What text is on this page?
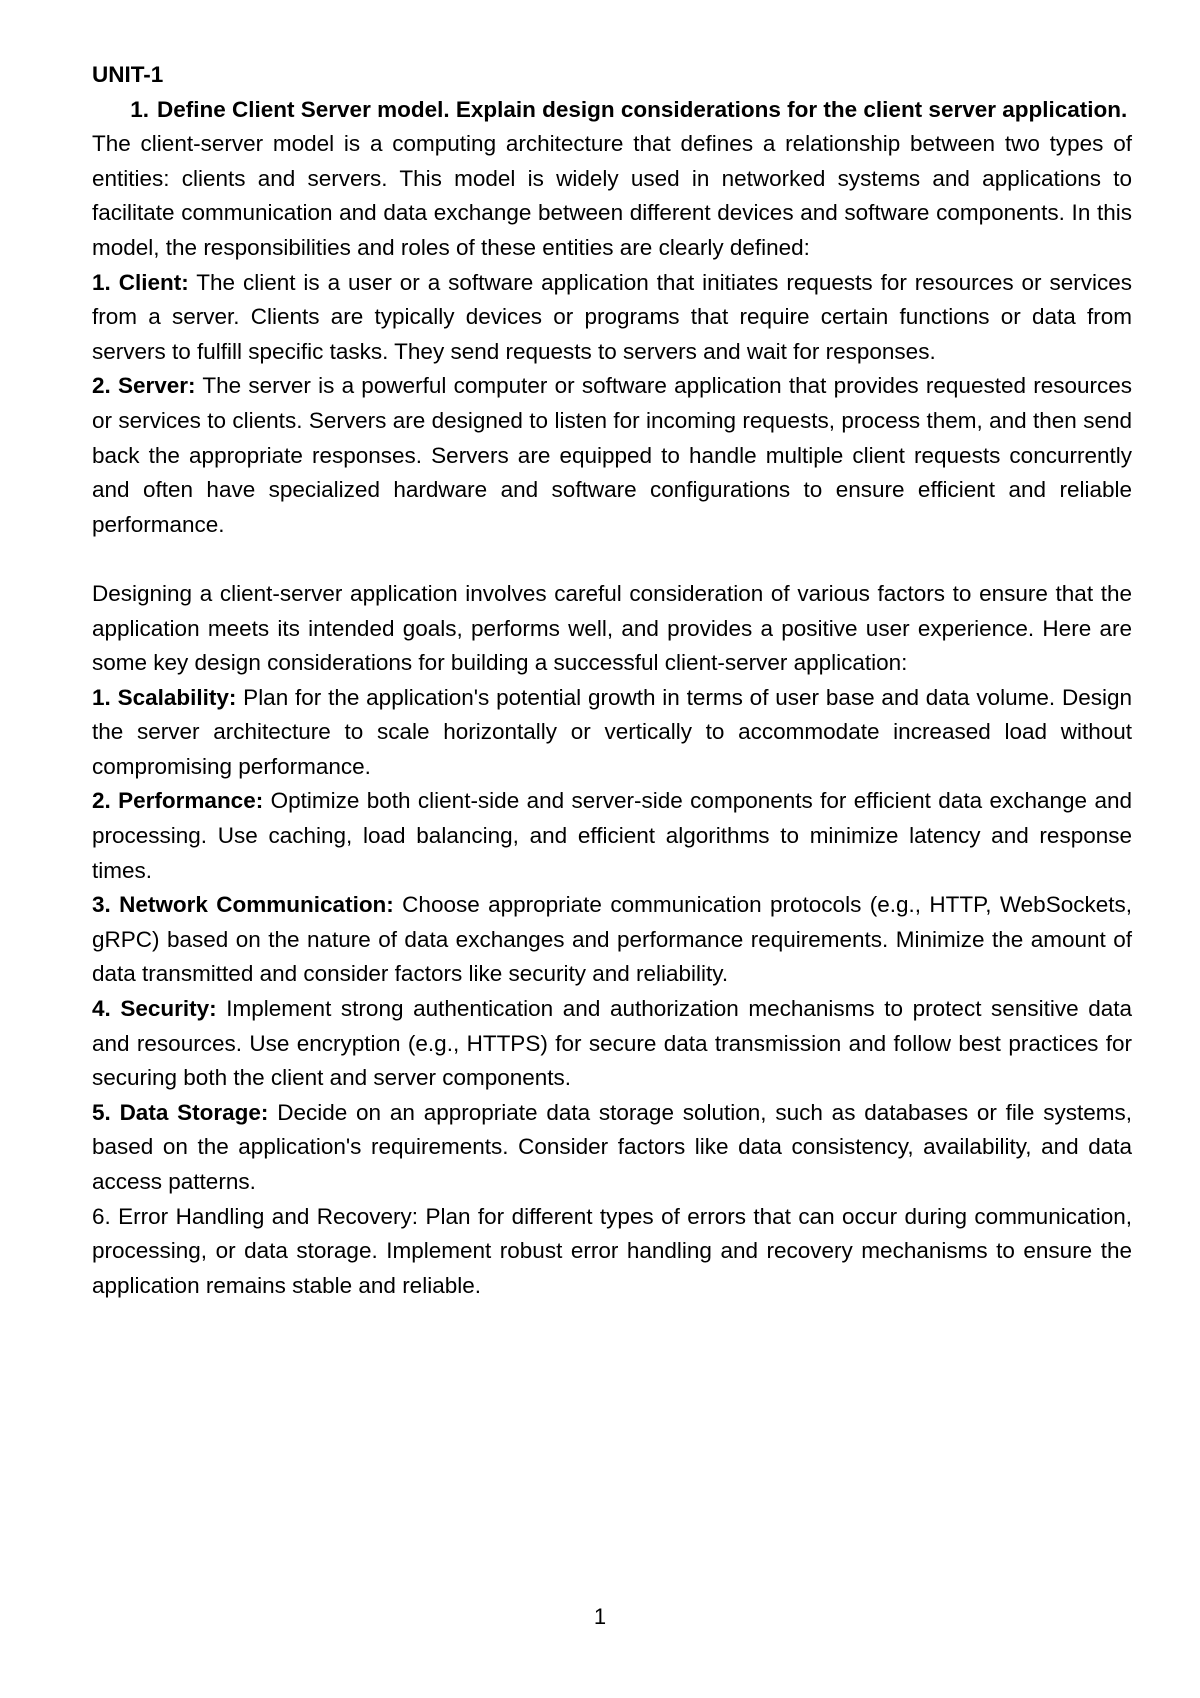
UNIT-1

1. Define Client Server model. Explain design considerations for the client server application.

The client-server model is a computing architecture that defines a relationship between two types of entities: clients and servers. This model is widely used in networked systems and applications to facilitate communication and data exchange between different devices and software components. In this model, the responsibilities and roles of these entities are clearly defined:

1. Client: The client is a user or a software application that initiates requests for resources or services from a server. Clients are typically devices or programs that require certain functions or data from servers to fulfill specific tasks. They send requests to servers and wait for responses.

2. Server: The server is a powerful computer or software application that provides requested resources or services to clients. Servers are designed to listen for incoming requests, process them, and then send back the appropriate responses. Servers are equipped to handle multiple client requests concurrently and often have specialized hardware and software configurations to ensure efficient and reliable performance.

Designing a client-server application involves careful consideration of various factors to ensure that the application meets its intended goals, performs well, and provides a positive user experience. Here are some key design considerations for building a successful client-server application:

1. Scalability: Plan for the application's potential growth in terms of user base and data volume. Design the server architecture to scale horizontally or vertically to accommodate increased load without compromising performance.

2. Performance: Optimize both client-side and server-side components for efficient data exchange and processing. Use caching, load balancing, and efficient algorithms to minimize latency and response times.

3. Network Communication: Choose appropriate communication protocols (e.g., HTTP, WebSockets, gRPC) based on the nature of data exchanges and performance requirements. Minimize the amount of data transmitted and consider factors like security and reliability.

4. Security: Implement strong authentication and authorization mechanisms to protect sensitive data and resources. Use encryption (e.g., HTTPS) for secure data transmission and follow best practices for securing both the client and server components.

5. Data Storage: Decide on an appropriate data storage solution, such as databases or file systems, based on the application's requirements. Consider factors like data consistency, availability, and data access patterns.

6. Error Handling and Recovery: Plan for different types of errors that can occur during communication, processing, or data storage. Implement robust error handling and recovery mechanisms to ensure the application remains stable and reliable.

1
